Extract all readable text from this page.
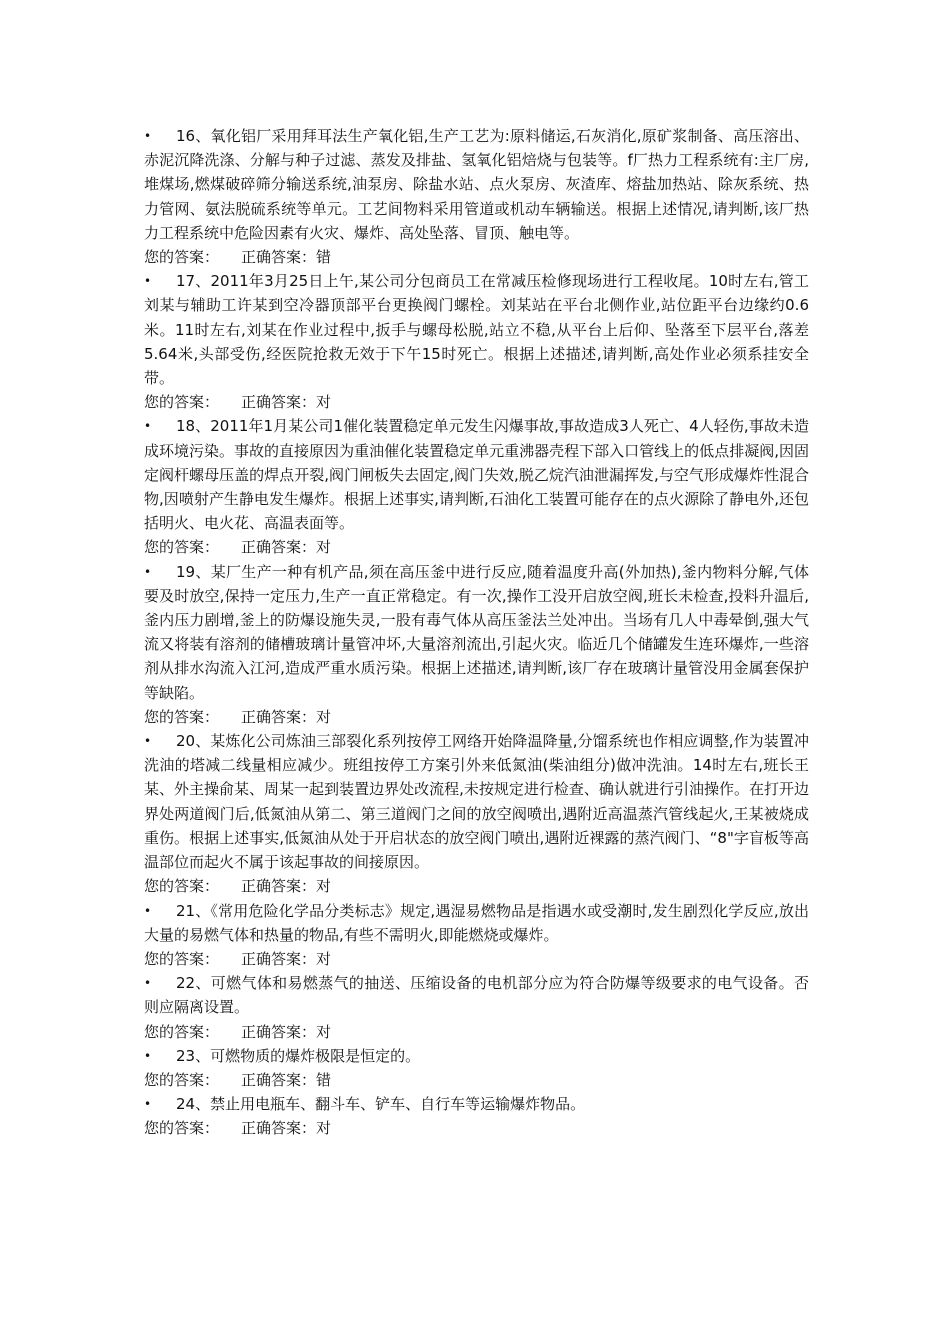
• 16、氧化铝厂采用拜耳法生产氧化铝,生产工艺为:原料储运,石灰消化,原矿浆制备、高压溶出、赤泥沉降洗涤、分解与种子过滤、蒸发及排盐、氢氧化铝焙烧与包装等。f厂热力工程系统有:主厂房,堆煤场,燃煤破碎筛分输送系统,油泵房、除盐水站、点火泵房、灰渣库、熔盐加热站、除灰系统、热力管网、氨法脱硫系统等单元。工艺间物料采用管道或机动车辆输送。根据上述情况,请判断,该厂热力工程系统中危险因素有火灾、爆炸、高处坠落、冒顶、触电等。

您的答案： 正确答案：错

• 17、2011年3月25日上午,某公司分包商员工在常减压检修现场进行工程收尾。10时左右,管工刘某与辅助工许某到空冷器顶部平台更换阀门螺栓。刘某站在平台北侧作业,站位距平台边缘约0.6米。11时左右,刘某在作业过程中,扳手与螺母松脱,站立不稳,从平台上后仰、坠落至下层平台,落差5.64米,头部受伤,经医院抢救无效于下午15时死亡。根据上述描述,请判断,高处作业必须系挂安全带。

您的答案： 正确答案：对

• 18、2011年1月某公司1催化装置稳定单元发生闪爆事故,事故造成3人死亡、4人轻伤,事故未造成环境污染。事故的直接原因为重油催化装置稳定单元重沸器壳程下部入口管线上的低点排凝阀,因固定阀杆螺母压盖的焊点开裂,阀门闸板失去固定,阀门失效,脱乙烷汽油泄漏挥发,与空气形成爆炸性混合物,因喷射产生静电发生爆炸。根据上述事实,请判断,石油化工装置可能存在的点火源除了静电外,还包括明火、电火花、高温表面等。

您的答案： 正确答案：对

• 19、某厂生产一种有机产品,须在高压釜中进行反应,随着温度升高(外加热),釜内物料分解,气体要及时放空,保持一定压力,生产一直正常稳定。有一次,操作工没开启放空阀,班长未检查,投料升温后,釜内压力剧增,釜上的防爆设施失灵,一股有毒气体从高压釜法兰处冲出。当场有几人中毒晕倒,强大气流又将装有溶剂的储槽玻璃计量管冲坏,大量溶剂流出,引起火灾。临近几个储罐发生连环爆炸,一些溶剂从排水沟流入江河,造成严重水质污染。根据上述描述,请判断,该厂存在玻璃计量管没用金属套保护等缺陷。

您的答案： 正确答案：对

• 20、某炼化公司炼油三部裂化系列按停工网络开始降温降量,分馏系统也作相应调整,作为装置冲洗油的塔减二线量相应减少。班组按停工方案引外来低氮油(柴油组分)做冲洗油。14时左右,班长王某、外主操俞某、周某一起到装置边界处改流程,未按规定进行检查、确认就进行引油操作。在打开边界处两道阀门后,低氮油从第二、第三道阀门之间的放空阀喷出,遇附近高温蒸汽管线起火,王某被烧成重伤。根据上述事实,低氮油从处于开启状态的放空阀门喷出,遇附近裸露的蒸汽阀门、“8"字盲板等高温部位而起火不属于该起事故的间接原因。

您的答案： 正确答案：对

• 21、《常用危险化学品分类标志》规定,遇湿易燃物品是指遇水或受潮时,发生剧烈化学反应,放出大量的易燃气体和热量的物品,有些不需明火,即能燃烧或爆炸。

您的答案： 正确答案：对

• 22、可燃气体和易燃蒸气的抽送、压缩设备的电机部分应为符合防爆等级要求的电气设备。否则应隔离设置。

您的答案： 正确答案：对

• 23、可燃物质的爆炸极限是恒定的。

您的答案： 正确答案：错

• 24、禁止用电瓶车、翻斗车、铲车、自行车等运输爆炸物品。

您的答案： 正确答案：对
